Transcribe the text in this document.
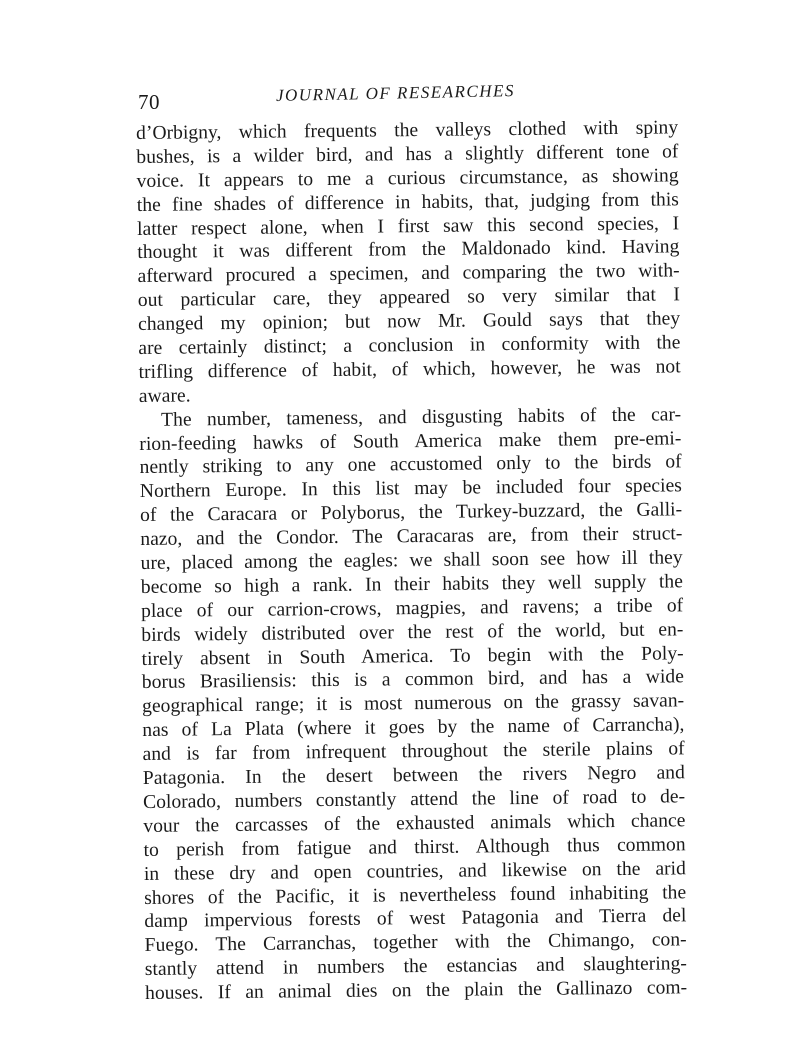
70	JOURNAL OF RESEARCHES
d’Orbigny, which frequents the valleys clothed with spiny
bushes, is a wilder bird, and has a slightly different tone of
voice. It appears to me a curious circumstance, as showing
the fine shades of difference in habits, that, judging from this
latter respect alone, when I first saw this second species, I
thought it was different from the Maldonado kind. Having
afterward procured a specimen, and comparing the two with-
out particular care, they appeared so very similar that I
changed my opinion; but now Mr. Gould says that they
are certainly distinct; a conclusion in conformity with the
trifling difference of habit, of which, however, he was not
aware.
The number, tameness, and disgusting habits of the car-
rion-feeding hawks of South America make them pre-emi-
nently striking to any one accustomed only to the birds of
Northern Europe. In this list may be included four species
of the Caracara or Polyborus, the Turkey-buzzard, the Galli-
nazo, and the Condor. The Caracaras are, from their struct-
ure, placed among the eagles: we shall soon see how ill they
become so high a rank. In their habits they well supply the
place of our carrion-crows, magpies, and ravens; a tribe of
birds widely distributed over the rest of the world, but en-
tirely absent in South America. To begin with the Poly-
borus Brasiliensis: this is a common bird, and has a wide
geographical range; it is most numerous on the grassy savan-
nas of La Plata (where it goes by the name of Carrancha),
and is far from infrequent throughout the sterile plains of
Patagonia. In the desert between the rivers Negro and
Colorado, numbers constantly attend the line of road to de-
vour the carcasses of the exhausted animals which chance
to perish from fatigue and thirst. Although thus common
in these dry and open countries, and likewise on the arid
shores of the Pacific, it is nevertheless found inhabiting the
damp impervious forests of west Patagonia and Tierra del
Fuego. The Carranchas, together with the Chimango, con-
stantly attend in numbers the estancias and slaughtering-
houses. If an animal dies on the plain the Gallinazo com-
